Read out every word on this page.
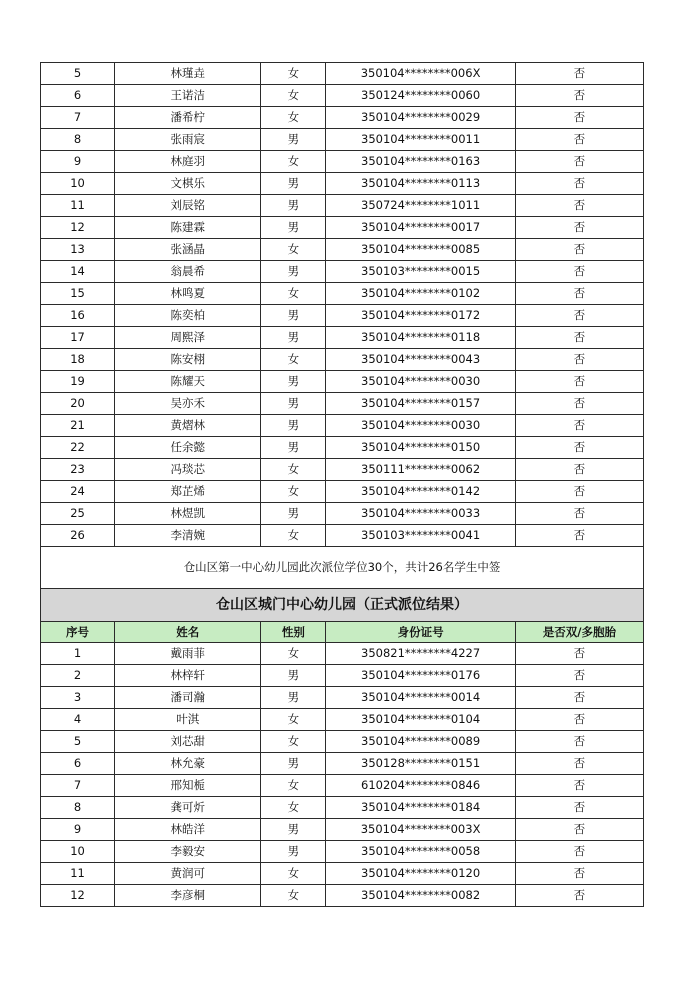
5	林瑾垚	女	350104********006X	否
6	王诺洁	女	350124********0060	否
7	潘希柠	女	350104********0029	否
8	张雨宸	男	350104********0011	否
9	林庭羽	女	350104********0163	否
10	文棋乐	男	350104********0113	否
11	刘辰铭	男	350724********1011	否
12	陈建霖	男	350104********0017	否
13	张涵晶	女	350104********0085	否
14	翁晨希	男	350103********0015	否
15	林鸣夏	女	350104********0102	否
16	陈奕柏	男	350104********0172	否
17	周熙泽	男	350104********0118	否
18	陈安栩	女	350104********0043	否
19	陈耀天	男	350104********0030	否
20	吴亦禾	男	350104********0157	否
21	黄熠林	男	350104********0030	否
22	任余懿	男	350104********0150	否
23	冯琰芯	女	350111********0062	否
24	郑芷烯	女	350104********0142	否
25	林煜凯	男	350104********0033	否
26	李清婉	女	350103********0041	否
仓山区第一中心幼儿园此次派位学位30个，共计26名学生中签				
仓山区城门中心幼儿园（正式派位结果）				
序号	姓名	性别	身份证号	是否双/多胞胎
1	戴雨菲	女	350821********4227	否
2	林梓轩	男	350104********0176	否
3	潘司瀚	男	350104********0014	否
4	叶淇	女	350104********0104	否
5	刘芯甜	女	350104********0089	否
6	林允豪	男	350128********0151	否
7	邢知栀	女	610204********0846	否
8	龚可炘	女	350104********0184	否
9	林皓洋	男	350104********003X	否
10	李毅安	男	350104********0058	否
11	黄润可	女	350104********0120	否
12	李彦桐	女	350104********0082	否
